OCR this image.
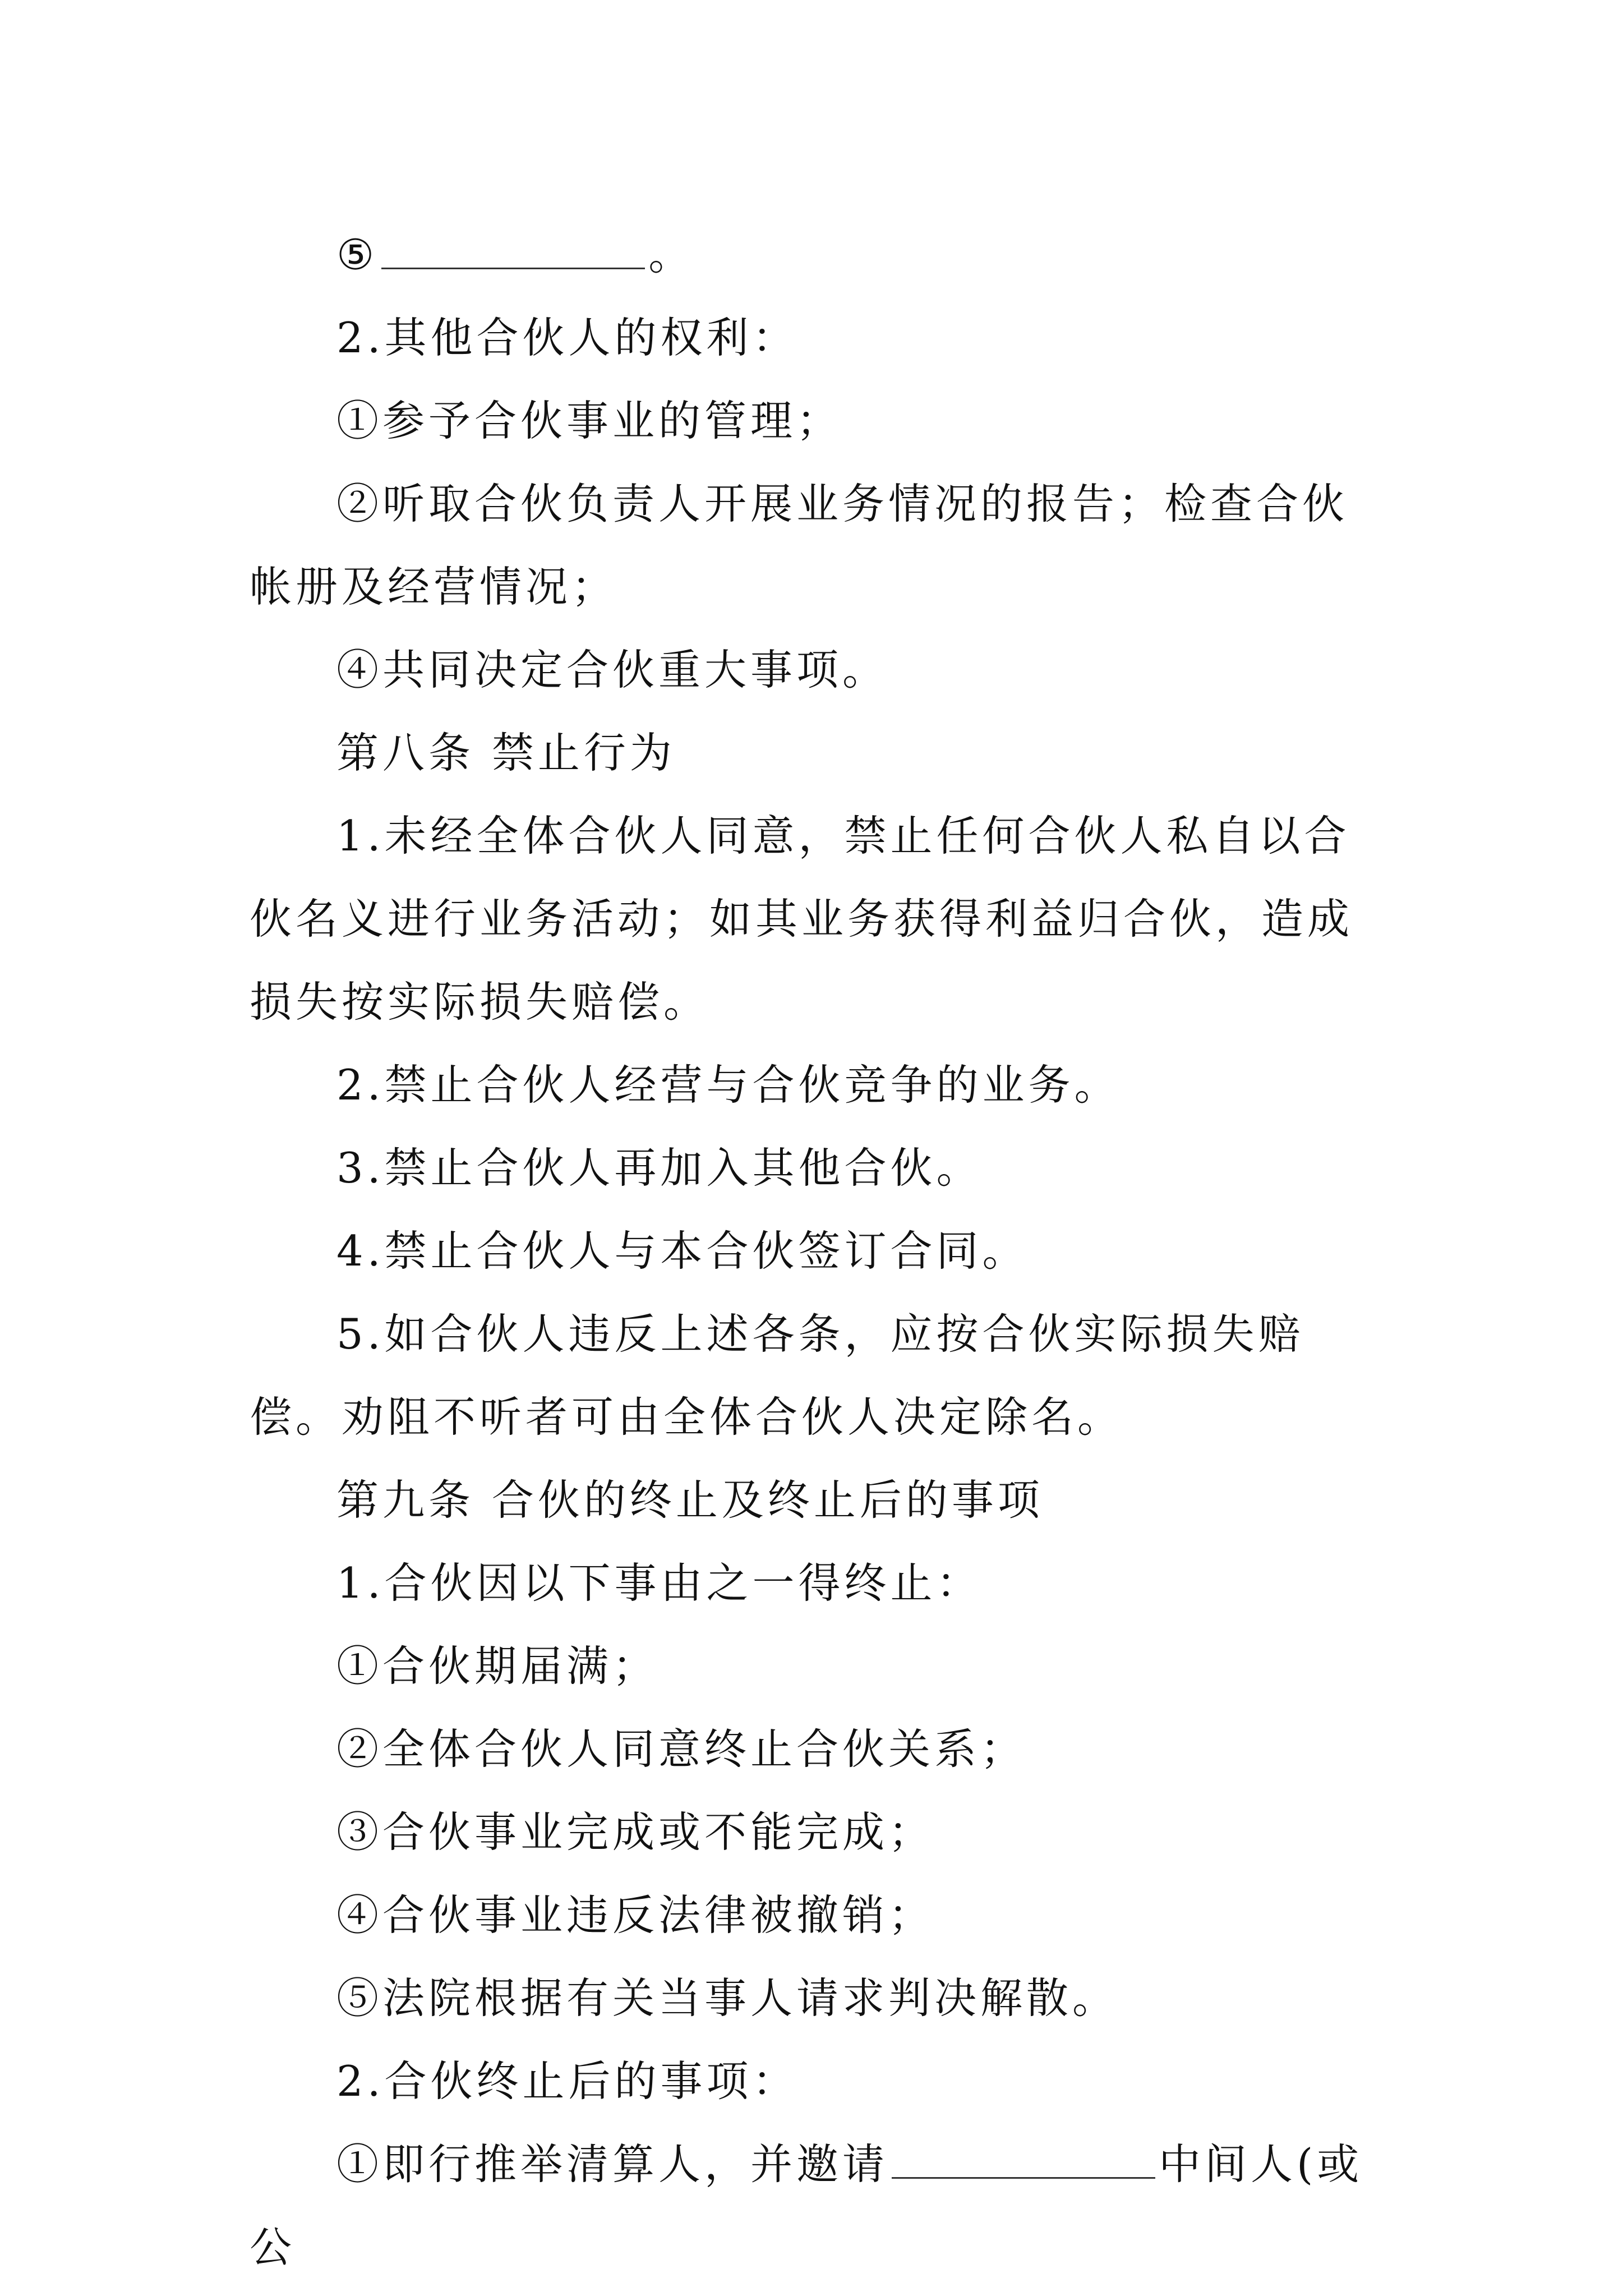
⑤	。

2.其他合伙人的权利：

①参予合伙事业的管理；

②听取合伙负责人开展业务情况的报告；检查合伙帐册及经营情况；

④共同决定合伙重大事项。

第八条 禁止行为

1.未经全体合伙人同意，禁止任何合伙人私自以合伙名义进行业务活动；如其业务获得利益归合伙，造成损失按实际损失赔偿。

2.禁止合伙人经营与合伙竞争的业务。

3.禁止合伙人再加入其他合伙。

4.禁止合伙人与本合伙签订合同。

5.如合伙人违反上述各条，应按合伙实际损失赔偿。劝阻不听者可由全体合伙人决定除名。

第九条 合伙的终止及终止后的事项

1.合伙因以下事由之一得终止：

①合伙期届满；

②全体合伙人同意终止合伙关系；

③合伙事业完成或不能完成；

④合伙事业违反法律被撤销；

⑤法院根据有关当事人请求判决解散。

2.合伙终止后的事项：

①即行推举清算人，并邀请	中间人(或公
